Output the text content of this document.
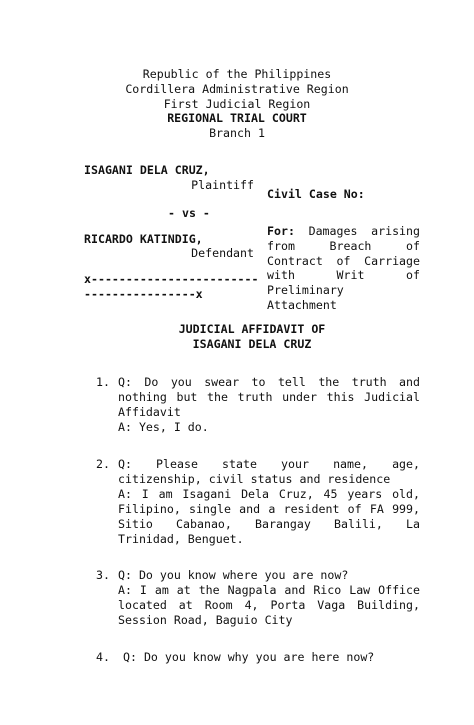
Republic of the Philippines
Cordillera Administrative Region
First Judicial Region
REGIONAL TRIAL COURT
Branch 1
ISAGANI DELA CRUZ,
Plaintiff
- vs -
RICARDO KATINDIG,
Defendant
x------------------------
----------------x
Civil Case No:
For: Damages arising from Breach of Contract of Carriage with Writ of Preliminary Attachment
JUDICIAL AFFIDAVIT OF
ISAGANI DELA CRUZ
1. Q: Do you swear to tell the truth and nothing but the truth under this Judicial Affidavit
A: Yes, I do.
2. Q: Please state your name, age, citizenship, civil status and residence
A: I am Isagani Dela Cruz, 45 years old, Filipino, single and a resident of FA 999, Sitio Cabanao, Barangay Balili, La Trinidad, Benguet.
3. Q: Do you know where you are now?
A: I am at the Nagpala and Rico Law Office located at Room 4, Porta Vaga Building, Session Road, Baguio City
4. Q: Do you know why you are here now?
